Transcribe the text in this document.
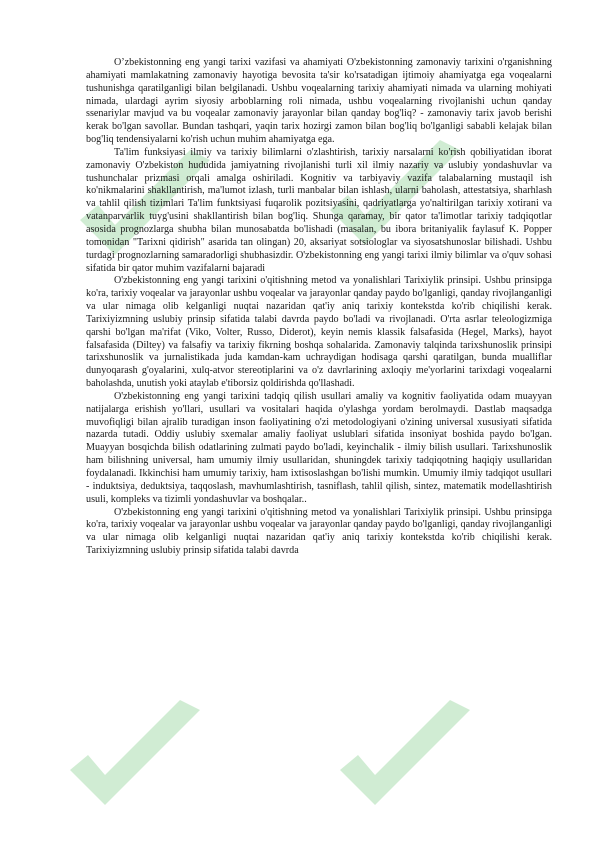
O’zbekistonning eng yangi tarixi vazifasi va ahamiyati O'zbekistonning zamonaviy tarixini o'rganishning ahamiyati mamlakatning zamonaviy hayotiga bevosita ta'sir ko'rsatadigan ijtimoiy ahamiyatga ega voqealarni tushunishga qaratilganligi bilan belgilanadi. Ushbu voqealarning tarixiy ahamiyati nimada va ularning mohiyati nimada, ulardagi ayrim siyosiy arboblarning roli nimada, ushbu voqealarning rivojlanishi uchun qanday ssenariylar mavjud va bu voqealar zamonaviy jarayonlar bilan qanday bog'liq? - zamonaviy tarix javob berishi kerak bo'lgan savollar. Bundan tashqari, yaqin tarix hozirgi zamon bilan bog'liq bo'lganligi sababli kelajak bilan bog'liq tendensiyalarni ko'rish uchun muhim ahamiyatga ega.

Ta'lim funksiyasi ilmiy va tarixiy bilimlarni o'zlashtirish, tarixiy narsalarni ko'rish qobiliyatidan iborat zamonaviy O'zbekiston hududida jamiyatning rivojlanishi turli xil ilmiy nazariy va uslubiy yondashuvlar va tushunchalar prizmasi orqali amalga oshiriladi. Kognitiv va tarbiyaviy vazifa talabalarning mustaqil ish ko'nikmalarini shakllantirish, ma'lumot izlash, turli manbalar bilan ishlash, ularni baholash, attestatsiya, sharhlash va tahlil qilish tizimlari Ta'lim funktsiyasi fuqarolik pozitsiyasini, qadriyatlarga yo'naltirilgan tarixiy xotirani va vatanparvarlik tuyg'usini shakllantirish bilan bog'liq. Shunga qaramay, bir qator ta'limotlar tarixiy tadqiqotlar asosida prognozlarga shubha bilan munosabatda bo'lishadi (masalan, bu ibora britaniyalik faylasuf K. Popper tomonidan "Tarixni qidirish" asarida tan olingan) 20, aksariyat sotsiologlar va siyosatshunoslar bilishadi. Ushbu turdagi prognozlarning samaradorligi shubhasizdir. O'zbekistonning eng yangi tarixi ilmiy bilimlar va o'quv sohasi sifatida bir qator muhim vazifalarni bajaradi

O'zbekistonning eng yangi tarixini o'qitishning metod va yonalishlari Tarixiylik prinsipi. Ushbu prinsipga ko'ra, tarixiy voqealar va jarayonlar ushbu voqealar va jarayonlar qanday paydo bo'lganligi, qanday rivojlanganligi va ular nimaga olib kelganligi nuqtai nazaridan qat'iy aniq tarixiy kontekstda ko'rib chiqilishi kerak. Tarixiyizmning uslubiy prinsip sifatida talabi davrda paydo bo'ladi va rivojlanadi. O'rta asrlar teleologizmiga qarshi bo'lgan ma'rifat (Viko, Volter, Russo, Diderot), keyin nemis klassik falsafasida (Hegel, Marks), hayot falsafasida (Diltey) va falsafiy va tarixiy fikrning boshqa sohalarida. Zamonaviy talqinda tarixshunoslik prinsipi tarixshunoslik va jurnalistikada juda kamdan-kam uchraydigan hodisaga qarshi qaratilgan, bunda mualliflar dunyoqarash g'oyalarini, xulq-atvor stereotiplarini va o'z davrlarining axloqiy me'yorlarini tarixdagi voqealarni baholashda, unutish yoki ataylab e'tiborsiz qoldirishda qo'llashadi.

O'zbekistonning eng yangi tarixini tadqiq qilish usullari amaliy va kognitiv faoliyatida odam muayyan natijalarga erishish yo'llari, usullari va vositalari haqida o'ylashga yordam berolmaydi. Dastlab maqsadga muvofiqligi bilan ajralib turadigan inson faoliyatining o'zi metodologiyani o'zining universal xususiyati sifatida nazarda tutadi. Oddiy uslubiy sxemalar amaliy faoliyat uslublari sifatida insoniyat boshida paydo bo'lgan. Muayyan bosqichda bilish odatlarining zulmati paydo bo'ladi, keyinchalik - ilmiy bilish usullari. Tarixshunoslik ham bilishning universal, ham umumiy ilmiy usullaridan, shuningdek tarixiy tadqiqotning haqiqiy usullaridan foydalanadi. Ikkinchisi ham umumiy tarixiy, ham ixtisoslashgan bo'lishi mumkin. Umumiy ilmiy tadqiqot usullari - induktsiya, deduktsiya, taqqoslash, mavhumlashtirish, tasniflash, tahlil qilish, sintez, matematik modellashtirish usuli, kompleks va tizimli yondashuvlar va boshqalar..

O'zbekistonning eng yangi tarixini o'qitishning metod va yonalishlari Tarixiylik prinsipi. Ushbu prinsipga ko'ra, tarixiy voqealar va jarayonlar ushbu voqealar va jarayonlar qanday paydo bo'lganligi, qanday rivojlanganligi va ular nimaga olib kelganligi nuqtai nazaridan qat'iy aniq tarixiy kontekstda ko'rib chiqilishi kerak. Tarixiyizmning uslubiy prinsip sifatida talabi davrda
